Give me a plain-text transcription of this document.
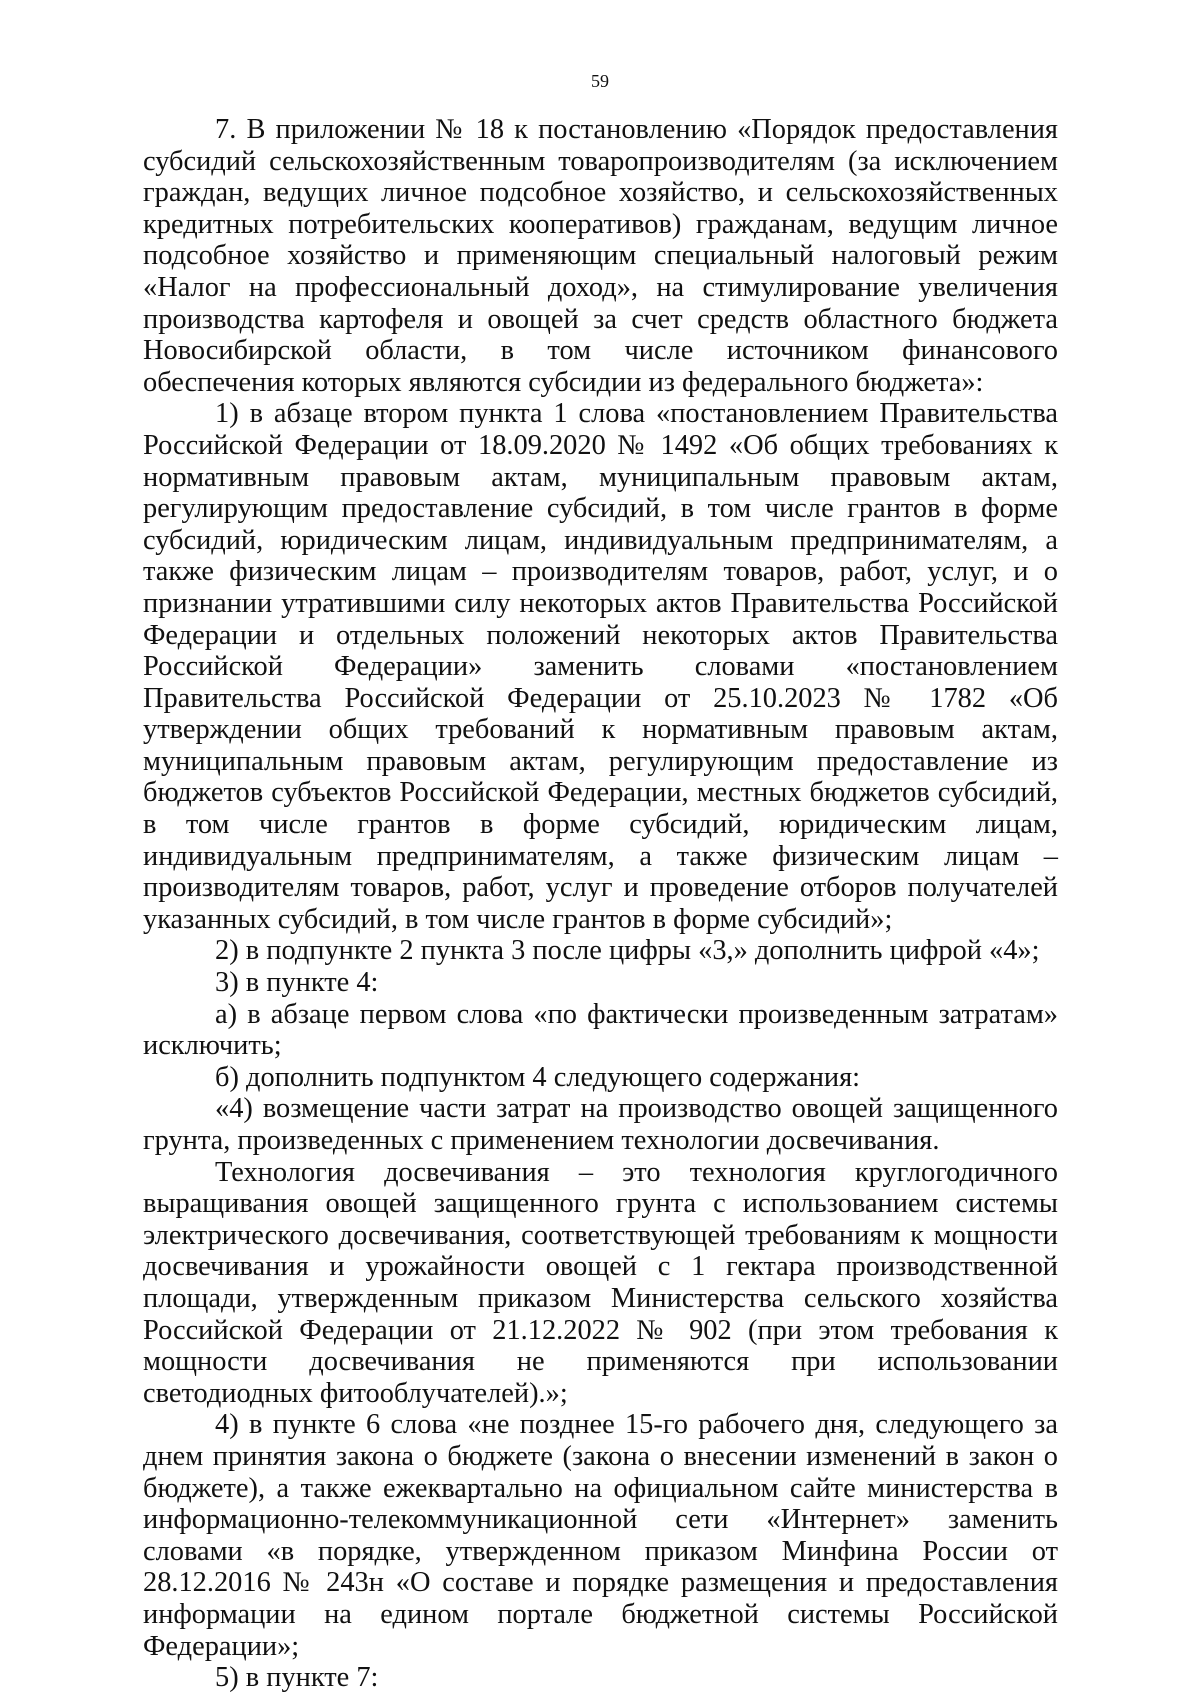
59

7. В приложении № 18 к постановлению «Порядок предоставления субсидий сельскохозяйственным товаропроизводителям (за исключением граждан, ведущих личное подсобное хозяйство, и сельскохозяйственных кредитных потребительских кооперативов) гражданам, ведущим личное подсобное хозяйство и применяющим специальный налоговый режим «Налог на профессиональный доход», на стимулирование увеличения производства картофеля и овощей за счет средств областного бюджета Новосибирской области, в том числе источником финансового обеспечения которых являются субсидии из федерального бюджета»:

1) в абзаце втором пункта 1 слова «постановлением Правительства Российской Федерации от 18.09.2020 № 1492 «Об общих требованиях к нормативным правовым актам, муниципальным правовым актам, регулирующим предоставление субсидий, в том числе грантов в форме субсидий, юридическим лицам, индивидуальным предпринимателям, а также физическим лицам – производителям товаров, работ, услуг, и о признании утратившими силу некоторых актов Правительства Российской Федерации и отдельных положений некоторых актов Правительства Российской Федерации» заменить словами «постановлением Правительства Российской Федерации от 25.10.2023 № 1782 «Об утверждении общих требований к нормативным правовым актам, муниципальным правовым актам, регулирующим предоставление из бюджетов субъектов Российской Федерации, местных бюджетов субсидий, в том числе грантов в форме субсидий, юридическим лицам, индивидуальным предпринимателям, а также физическим лицам – производителям товаров, работ, услуг и проведение отборов получателей указанных субсидий, в том числе грантов в форме субсидий»;

2) в подпункте 2 пункта 3 после цифры «3,» дополнить цифрой «4»;

3) в пункте 4:

а) в абзаце первом слова «по фактически произведенным затратам» исключить;

б) дополнить подпунктом 4 следующего содержания:

«4) возмещение части затрат на производство овощей защищенного грунта, произведенных с применением технологии досвечивания.

Технология досвечивания – это технология круглогодичного выращивания овощей защищенного грунта с использованием системы электрического досвечивания, соответствующей требованиям к мощности досвечивания и урожайности овощей с 1 гектара производственной площади, утвержденным приказом Министерства сельского хозяйства Российской Федерации от 21.12.2022 № 902 (при этом требования к мощности досвечивания не применяются при использовании светодиодных фитооблучателей).»;

4) в пункте 6 слова «не позднее 15-го рабочего дня, следующего за днем принятия закона о бюджете (закона о внесении изменений в закон о бюджете), а также ежеквартально на официальном сайте министерства в информационно-телекоммуникационной сети «Интернет» заменить словами «в порядке, утвержденном приказом Минфина России от 28.12.2016 № 243н «О составе и порядке размещения и предоставления информации на едином портале бюджетной системы Российской Федерации»;

5) в пункте 7:
